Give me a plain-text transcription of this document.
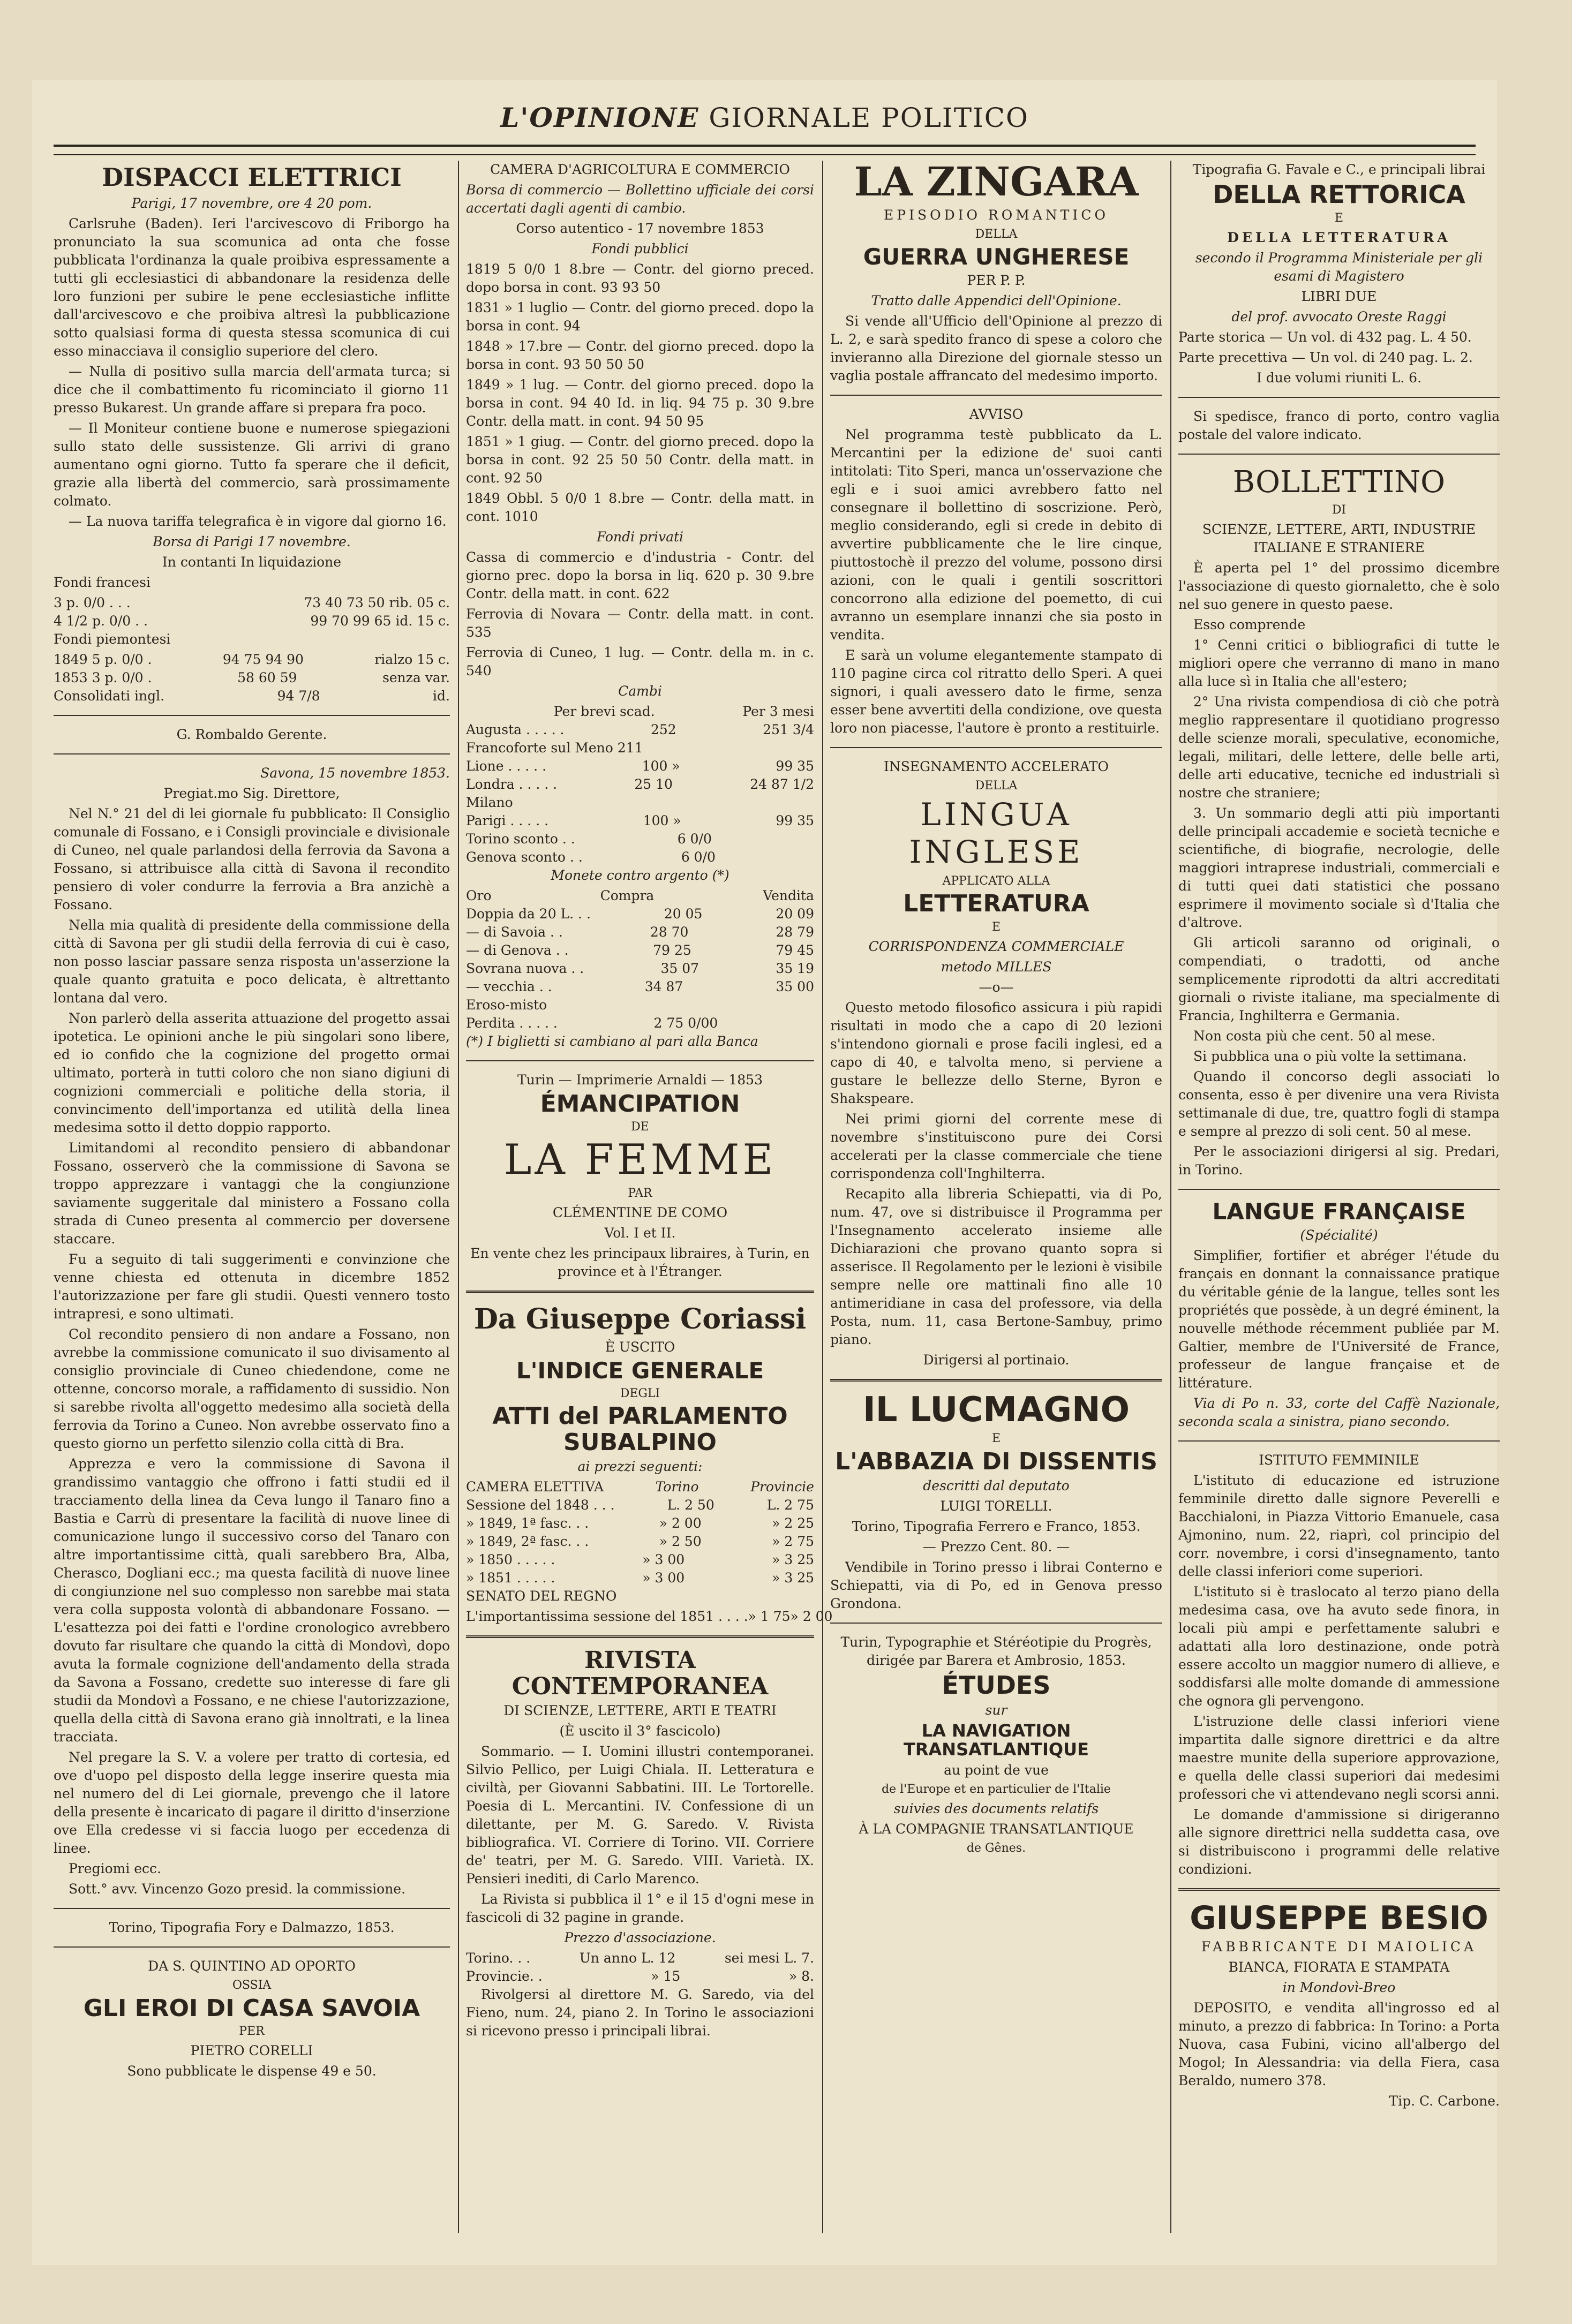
L'OPINIONE GIORNALE POLITICO
DISPACCI ELETTRICI

Parigi, 17 novembre, ore 4 20 pom.

Carlsruhe (Baden). Ieri l'arcivescovo di Friborgo ha pronunciato la sua scomunica ad onta che fosse pubblicata l'ordinanza la quale proibiva espressamente a tutti gli ecclesiastici di abbandonare la residenza delle loro funzioni per subire le pene ecclesiastiche inflitte dall'arcivescovo e che proibiva altresì la pubblicazione sotto qualsiasi forma di questa stessa scomunica di cui esso minacciava il consiglio superiore del clero.

— Nulla di positivo sulla marcia dell'armata turca; si dice che il combattimento fu ricominciato il giorno 11 presso Bukarest. Un grande affare si prepara fra poco.

— Il Moniteur contiene buone e numerose spiegazioni sullo stato delle sussistenze. Gli arrivi di grano aumentano ogni giorno. Tutto fa sperare che il deficit, grazie alla libertà del commercio, sarà prossimamente colmato.

— La nuova tariffa telegrafica è in vigore dal giorno 16.

Borsa di Parigi 17 novembre.

In contanti In liquidazione

Fondi francesi

3 p. 0/0 . . .	73 40 73 50 rib. 05 c.
4 1/2 p. 0/0 . .	99 70 99 65 id. 15 c.

Fondi piemontesi

1849 5 p. 0/0 .	94 75 94 90	rialzo 15 c.
1853 3 p. 0/0 .	58 60 59	senza var.
Consolidati ingl.	94 7/8	id.

G. Rombaldo Gerente.

Savona, 15 novembre 1853.

Pregiat.mo Sig. Direttore,

Nel N.° 21 del di lei giornale fu pubblicato: Il Consiglio comunale di Fossano, e i Consigli provinciale e divisionale di Cuneo, nel quale parlandosi della ferrovia da Savona a Fossano, si attribuisce alla città di Savona il recondito pensiero di voler condurre la ferrovia a Bra anzichè a Fossano.

Nella mia qualità di presidente della commissione della città di Savona per gli studii della ferrovia di cui è caso, non posso lasciar passare senza risposta un'asserzione la quale quanto gratuita e poco delicata, è altrettanto lontana dal vero.

Non parlerò della asserita attuazione del progetto assai ipotetica. Le opinioni anche le più singolari sono libere, ed io confido che la cognizione del progetto ormai ultimato, porterà in tutti coloro che non siano digiuni di cognizioni commerciali e politiche della storia, il convincimento dell'importanza ed utilità della linea medesima sotto il detto doppio rapporto.

Limitandomi al recondito pensiero di abbandonar Fossano, osserverò che la commissione di Savona se troppo apprezzare i vantaggi che la congiunzione saviamente suggeritale dal ministero a Fossano colla strada di Cuneo presenta al commercio per doversene staccare.

Fu a seguito di tali suggerimenti e convinzione che venne chiesta ed ottenuta in dicembre 1852 l'autorizzazione per fare gli studii. Questi vennero tosto intrapresi, e sono ultimati.

Col recondito pensiero di non andare a Fossano, non avrebbe la commissione comunicato il suo divisamento al consiglio provinciale di Cuneo chiedendone, come ne ottenne, concorso morale, a raffidamento di sussidio. Non si sarebbe rivolta all'oggetto medesimo alla società della ferrovia da Torino a Cuneo. Non avrebbe osservato fino a questo giorno un perfetto silenzio colla città di Bra.

Apprezza e vero la commissione di Savona il grandissimo vantaggio che offrono i fatti studii ed il tracciamento della linea da Ceva lungo il Tanaro fino a Bastia e Carrù di presentare la facilità di nuove linee di comunicazione lungo il successivo corso del Tanaro con altre importantissime città, quali sarebbero Bra, Alba, Cherasco, Dogliani ecc.; ma questa facilità di nuove linee di congiunzione nel suo complesso non sarebbe mai stata vera colla supposta volontà di abbandonare Fossano. — L'esattezza poi dei fatti e l'ordine cronologico avrebbero dovuto far risultare che quando la città di Mondovì, dopo avuta la formale cognizione dell'andamento della strada da Savona a Fossano, credette suo interesse di fare gli studii da Mondovì a Fossano, e ne chiese l'autorizzazione, quella della città di Savona erano già innoltrati, e la linea tracciata.

Nel pregare la S. V. a volere per tratto di cortesia, ed ove d'uopo pel disposto della legge inserire questa mia nel numero del di Lei giornale, prevengo che il latore della presente è incaricato di pagare il diritto d'inserzione ove Ella credesse vi si faccia luogo per eccedenza di linee.

Pregiomi ecc.

Sott.° avv. Vincenzo Gozo presid. la commissione.

Torino, Tipografia Fory e Dalmazzo, 1853.

DA S. QUINTINO AD OPORTO

OSSIA

GLI EROI DI CASA SAVOIA

PER

PIETRO CORELLI

Sono pubblicate le dispense 49 e 50.

CAMERA D'AGRICOLTURA E COMMERCIO

Borsa di commercio — Bollettino ufficiale dei corsi accertati dagli agenti di cambio.

Corso autentico - 17 novembre 1853

Fondi pubblici

1819 5 0/0 1 8.bre — Contr. del giorno preced. dopo borsa in cont. 93 93 50

1831 » 1 luglio — Contr. del giorno preced. dopo la borsa in cont. 94

1848 » 17.bre — Contr. del giorno preced. dopo la borsa in cont. 93 50 50 50

1849 » 1 lug. — Contr. del giorno preced. dopo la borsa in cont. 94 40 Id. in liq. 94 75 p. 30 9.bre Contr. della matt. in cont. 94 50 95

1851 » 1 giug. — Contr. del giorno preced. dopo la borsa in cont. 92 25 50 50 Contr. della matt. in cont. 92 50

1849 Obbl. 5 0/0 1 8.bre — Contr. della matt. in cont. 1010

Fondi privati

Cassa di commercio e d'industria - Contr. del giorno prec. dopo la borsa in liq. 620 p. 30 9.bre Contr. della matt. in cont. 622

Ferrovia di Novara — Contr. della matt. in cont. 535

Ferrovia di Cuneo, 1 lug. — Contr. della m. in c. 540

Cambi

Per brevi scad.	Per 3 mesi
Augusta . . . . .	252	251 3/4
Francoforte sul Meno 211
Lione . . . . .	100 »	99 35
Londra . . . . .	25 10	24 87 1/2
Milano
Parigi . . . . .	100 »	99 35
Torino sconto . .	6 0/0
Genova sconto . .	6 0/0

Monete contro argento (*)

Oro	Compra	Vendita
Doppia da 20 L. . .	20 05	20 09
— di Savoia . .	28 70	28 79
— di Genova . .	79 25	79 45
Sovrana nuova . .	35 07	35 19
— vecchia . .	34 87	35 00
Eroso-misto
Perdita . . . . .	2 75 0/00

(*) I biglietti si cambiano al pari alla Banca

Turin — Imprimerie Arnaldi — 1853

ÉMANCIPATION

DE

LA FEMME

PAR

CLÉMENTINE DE COMO

Vol. I et II.

En vente chez les principaux libraires, à Turin, en province et à l'Étranger.

Da Giuseppe Coriassi

È USCITO

L'INDICE GENERALE

DEGLI

ATTI del PARLAMENTO SUBALPINO

ai prezzi seguenti:

CAMERA ELETTIVA	Torino	Provincie
Sessione del 1848 . . .	L. 2 50	L. 2 75
» 1849, 1ª fasc. . .	» 2 00	» 2 25
» 1849, 2ª fasc. . .	» 2 50	» 2 75
» 1850 . . . . .	» 3 00	» 3 25
» 1851 . . . . .	» 3 00	» 3 25

SENATO DEL REGNO

L'importantissima sessione del 1851 . . . . » 1 75 » 2 00

RIVISTA CONTEMPORANEA

DI SCIENZE, LETTERE, ARTI E TEATRI

(È uscito il 3° fascicolo)

Sommario. — I. Uomini illustri contemporanei. Silvio Pellico, per Luigi Chiala. II. Letteratura e civiltà, per Giovanni Sabbatini. III. Le Tortorelle. Poesia di L. Mercantini. IV. Confessione di un dilettante, per M. G. Saredo. V. Rivista bibliografica. VI. Corriere di Torino. VII. Corriere de' teatri, per M. G. Saredo. VIII. Varietà. IX. Pensieri inediti, di Carlo Marenco.

La Rivista si pubblica il 1° e il 15 d'ogni mese in fascicoli di 32 pagine in grande.

Prezzo d'associazione.

Torino. . .	Un anno L. 12	sei mesi L. 7.
Provincie. .	» 15	» 8.

Rivolgersi al direttore M. G. Saredo, via del Fieno, num. 24, piano 2. In Torino le associazioni si ricevono presso i principali librai.

LA ZINGARA

EPISODIO ROMANTICO

DELLA

GUERRA UNGHERESE

PER P. P.

Tratto dalle Appendici dell'Opinione.

Si vende all'Ufficio dell'Opinione al prezzo di L. 2, e sarà spedito franco di spese a coloro che invieranno alla Direzione del giornale stesso un vaglia postale affrancato del medesimo importo.

AVVISO

Nel programma testè pubblicato da L. Mercantini per la edizione de' suoi canti intitolati: Tito Speri, manca un'osservazione che egli e i suoi amici avrebbero fatto nel consegnare il bollettino di soscrizione. Però, meglio considerando, egli si crede in debito di avvertire pubblicamente che le lire cinque, piuttostochè il prezzo del volume, possono dirsi azioni, con le quali i gentili soscrittori concorrono alla edizione del poemetto, di cui avranno un esemplare innanzi che sia posto in vendita.

E sarà un volume elegantemente stampato di 110 pagine circa col ritratto dello Speri. A quei signori, i quali avessero dato le firme, senza esser bene avvertiti della condizione, ove questa loro non piacesse, l'autore è pronto a restituirle.

INSEGNAMENTO ACCELERATO

DELLA

LINGUA INGLESE

APPLICATO ALLA

LETTERATURA

E

CORRISPONDENZA COMMERCIALE

metodo MILLES

—o—

Questo metodo filosofico assicura i più rapidi risultati in modo che a capo di 20 lezioni s'intendono giornali e prose facili inglesi, ed a capo di 40, e talvolta meno, si perviene a gustare le bellezze dello Sterne, Byron e Shakspeare.

Nei primi giorni del corrente mese di novembre s'instituiscono pure dei Corsi accelerati per la classe commerciale che tiene corrispondenza coll'Inghilterra.

Recapito alla libreria Schiepatti, via di Po, num. 47, ove si distribuisce il Programma per l'Insegnamento accelerato insieme alle Dichiarazioni che provano quanto sopra si asserisce. Il Regolamento per le lezioni è visibile sempre nelle ore mattinali fino alle 10 antimeridiane in casa del professore, via della Posta, num. 11, casa Bertone-Sambuy, primo piano.

Dirigersi al portinaio.

IL LUCMAGNO

E

L'ABBAZIA DI DISSENTIS

descritti dal deputato

LUIGI TORELLI.

Torino, Tipografia Ferrero e Franco, 1853.

— Prezzo Cent. 80. —

Vendibile in Torino presso i librai Conterno e Schiepatti, via di Po, ed in Genova presso Grondona.

Turin, Typographie et Stéréotipie du Progrès, dirigée par Barera et Ambrosio, 1853.

ÉTUDES

sur

LA NAVIGATION TRANSATLANTIQUE

au point de vue

de l'Europe et en particulier de l'Italie

suivies des documents relatifs

À LA COMPAGNIE TRANSATLANTIQUE

de Gênes.

Tipografia G. Favale e C., e principali librai

DELLA RETTORICA

E

DELLA LETTERATURA

secondo il Programma Ministeriale per gli esami di Magistero

LIBRI DUE

del prof. avvocato Oreste Raggi

Parte storica — Un vol. di 432 pag. L. 4 50.

Parte precettiva — Un vol. di 240 pag. L. 2.

I due volumi riuniti L. 6.

Si spedisce, franco di porto, contro vaglia postale del valore indicato.

BOLLETTINO

DI

SCIENZE, LETTERE, ARTI, INDUSTRIE ITALIANE E STRANIERE

È aperta pel 1° del prossimo dicembre l'associazione di questo giornaletto, che è solo nel suo genere in questo paese.

Esso comprende

1° Cenni critici o bibliografici di tutte le migliori opere che verranno di mano in mano alla luce sì in Italia che all'estero;

2° Una rivista compendiosa di ciò che potrà meglio rappresentare il quotidiano progresso delle scienze morali, speculative, economiche, legali, militari, delle lettere, delle belle arti, delle arti educative, tecniche ed industriali sì nostre che straniere;

3. Un sommario degli atti più importanti delle principali accademie e società tecniche e scientifiche, di biografie, necrologie, delle maggiori intraprese industriali, commerciali e di tutti quei dati statistici che possano esprimere il movimento sociale sì d'Italia che d'altrove.

Gli articoli saranno od originali, o compendiati, o tradotti, od anche semplicemente riprodotti da altri accreditati giornali o riviste italiane, ma specialmente di Francia, Inghilterra e Germania.

Non costa più che cent. 50 al mese.

Si pubblica una o più volte la settimana.

Quando il concorso degli associati lo consenta, esso è per divenire una vera Rivista settimanale di due, tre, quattro fogli di stampa e sempre al prezzo di soli cent. 50 al mese.

Per le associazioni dirigersi al sig. Predari, in Torino.

LANGUE FRANÇAISE

(Spécialité)

Simplifier, fortifier et abréger l'étude du français en donnant la connaissance pratique du véritable génie de la langue, telles sont les propriétés que possède, à un degré éminent, la nouvelle méthode récemment publiée par M. Galtier, membre de l'Université de France, professeur de langue française et de littérature.

Via di Po n. 33, corte del Caffè Nazionale, seconda scala a sinistra, piano secondo.

ISTITUTO FEMMINILE

L'istituto di educazione ed istruzione femminile diretto dalle signore Peverelli e Bacchialoni, in Piazza Vittorio Emanuele, casa Ajmonino, num. 22, riaprì, col principio del corr. novembre, i corsi d'insegnamento, tanto delle classi inferiori come superiori.

L'istituto si è traslocato al terzo piano della medesima casa, ove ha avuto sede finora, in locali più ampi e perfettamente salubri e adattati alla loro destinazione, onde potrà essere accolto un maggior numero di allieve, e soddisfarsi alle molte domande di ammessione che ognora gli pervengono.

L'istruzione delle classi inferiori viene impartita dalle signore direttrici e da altre maestre munite della superiore approvazione, e quella delle classi superiori dai medesimi professori che vi attendevano negli scorsi anni.

Le domande d'ammissione si dirigeranno alle signore direttrici nella suddetta casa, ove si distribuiscono i programmi delle relative condizioni.

GIUSEPPE BESIO

FABBRICANTE DI MAIOLICA

BIANCA, FIORATA E STAMPATA

in Mondovì-Breo

DEPOSITO, e vendita all'ingrosso ed al minuto, a prezzo di fabbrica: In Torino: a Porta Nuova, casa Fubini, vicino all'albergo del Mogol; In Alessandria: via della Fiera, casa Beraldo, numero 378.

Tip. C. Carbone.
